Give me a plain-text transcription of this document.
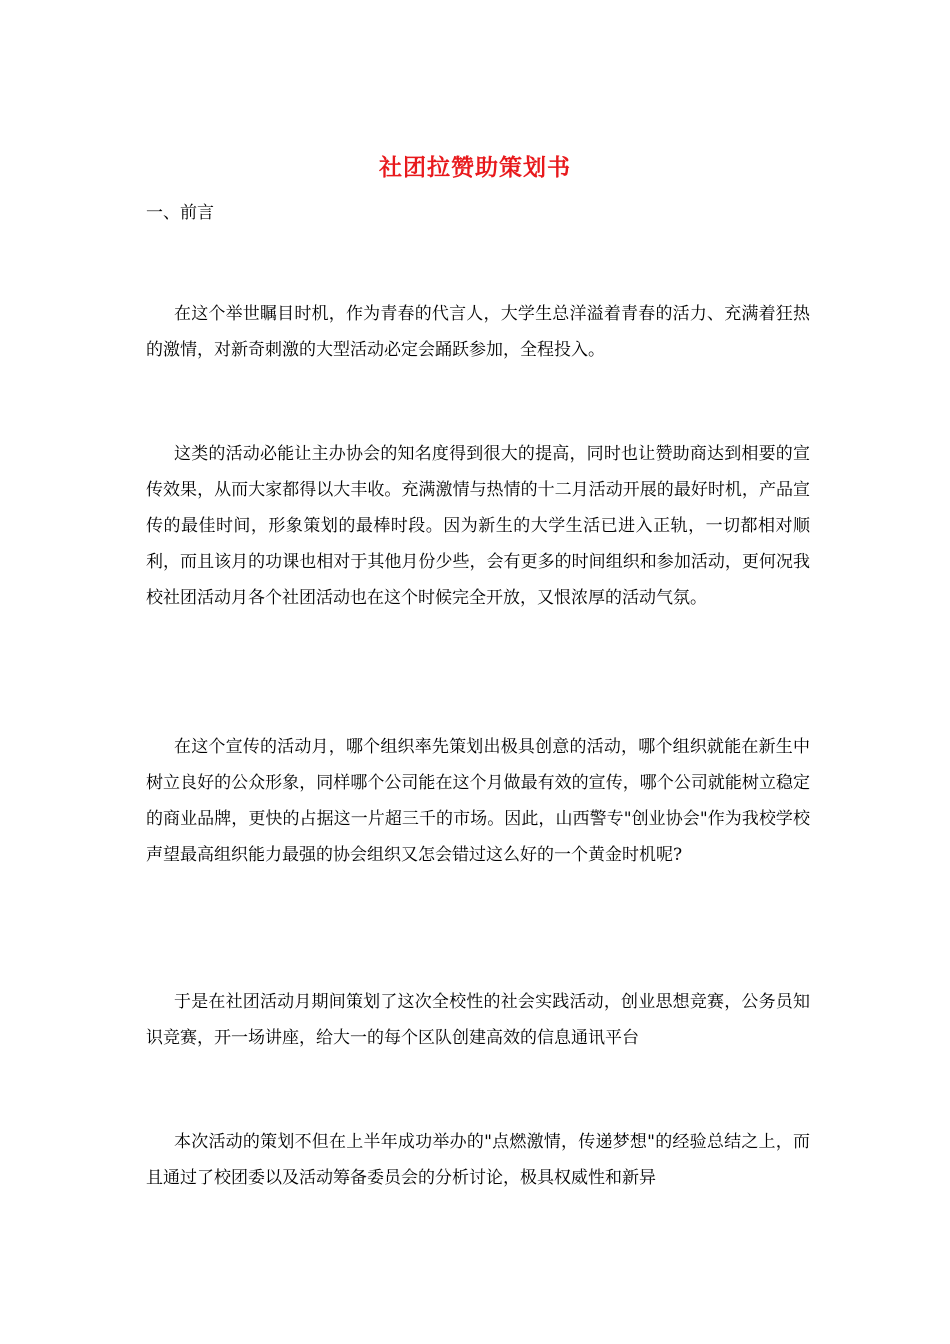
社团拉赞助策划书
一、前言

在这个举世瞩目时机，作为青春的代言人，大学生总洋溢着青春的活力、充满着狂热的激情，对新奇刺激的大型活动必定会踊跃参加，全程投入。

这类的活动必能让主办协会的知名度得到很大的提高，同时也让赞助商达到相要的宣传效果，从而大家都得以大丰收。充满激情与热情的十二月活动开展的最好时机，产品宣传的最佳时间，形象策划的最棒时段。因为新生的大学生活已进入正轨，一切都相对顺利，而且该月的功课也相对于其他月份少些，会有更多的时间组织和参加活动，更何况我校社团活动月各个社团活动也在这个时候完全开放，又恨浓厚的活动气氛。

在这个宣传的活动月，哪个组织率先策划出极具创意的活动，哪个组织就能在新生中树立良好的公众形象，同样哪个公司能在这个月做最有效的宣传，哪个公司就能树立稳定的商业品牌，更快的占据这一片超三千的市场。因此，山西警专"创业协会"作为我校学校声望最高组织能力最强的协会组织又怎会错过这么好的一个黄金时机呢?

于是在社团活动月期间策划了这次全校性的社会实践活动，创业思想竞赛，公务员知识竞赛，开一场讲座，给大一的每个区队创建高效的信息通讯平台

本次活动的策划不但在上半年成功举办的"点燃激情，传递梦想"的经验总结之上，而且通过了校团委以及活动筹备委员会的分析讨论，极具权威性和新异
